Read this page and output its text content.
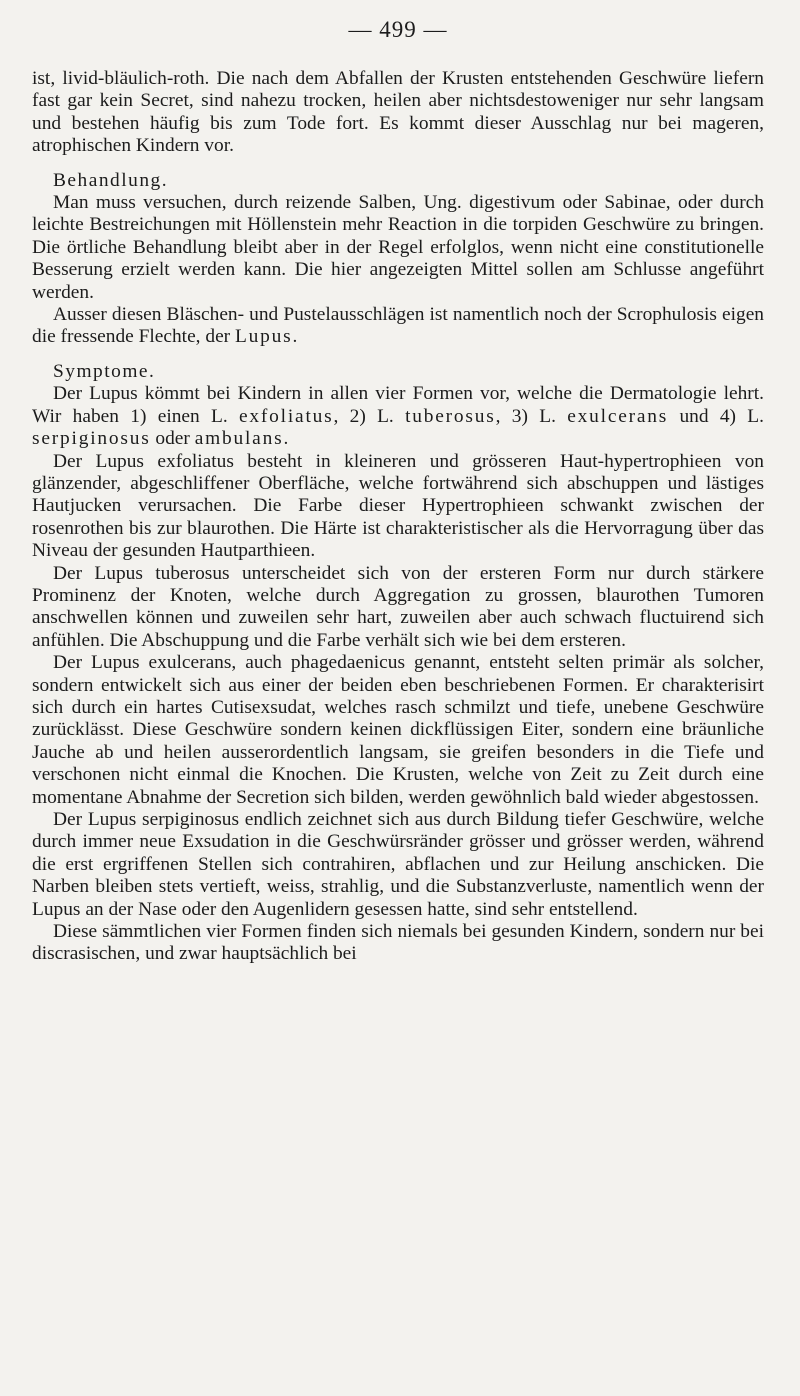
— 499 —

ist, livid-bläulich-roth. Die nach dem Abfallen der Krusten entstehenden Geschwüre liefern fast gar kein Secret, sind nahezu trocken, heilen aber nichtsdestoweniger nur sehr langsam und bestehen häufig bis zum Tode fort. Es kommt dieser Ausschlag nur bei mageren, atrophischen Kindern vor.

Behandlung.

Man muss versuchen, durch reizende Salben, Ung. digestivum oder Sabinae, oder durch leichte Bestreichungen mit Höllenstein mehr Reaction in die torpiden Geschwüre zu bringen. Die örtliche Behandlung bleibt aber in der Regel erfolglos, wenn nicht eine constitutionelle Besserung erzielt werden kann. Die hier angezeigten Mittel sollen am Schlusse angeführt werden.

Ausser diesen Bläschen- und Pustelausschlägen ist namentlich noch der Scrophulosis eigen die fressende Flechte, der Lupus.

Symptome.

Der Lupus kömmt bei Kindern in allen vier Formen vor, welche die Dermatologie lehrt. Wir haben 1) einen L. exfoliatus, 2) L. tuberosus, 3) L. exulcerans und 4) L. serpiginosus oder ambulans.

Der Lupus exfoliatus besteht in kleineren und grösseren Haut-hypertrophieen von glänzender, abgeschliffener Oberfläche, welche fortwährend sich abschuppen und lästiges Hautjucken verursachen. Die Farbe dieser Hypertrophieen schwankt zwischen der rosenrothen bis zur blaurothen. Die Härte ist charakteristischer als die Hervorragung über das Niveau der gesunden Hautparthieen.

Der Lupus tuberosus unterscheidet sich von der ersteren Form nur durch stärkere Prominenz der Knoten, welche durch Aggregation zu grossen, blaurothen Tumoren anschwellen können und zuweilen sehr hart, zuweilen aber auch schwach fluctuirend sich anfühlen. Die Abschuppung und die Farbe verhält sich wie bei dem ersteren.

Der Lupus exulcerans, auch phagedaenicus genannt, entsteht selten primär als solcher, sondern entwickelt sich aus einer der beiden eben beschriebenen Formen. Er charakterisirt sich durch ein hartes Cutisexsudat, welches rasch schmilzt und tiefe, unebene Geschwüre zurücklässt. Diese Geschwüre sondern keinen dickflüssigen Eiter, sondern eine bräunliche Jauche ab und heilen ausserordentlich langsam, sie greifen besonders in die Tiefe und verschonen nicht einmal die Knochen. Die Krusten, welche von Zeit zu Zeit durch eine momentane Abnahme der Secretion sich bilden, werden gewöhnlich bald wieder abgestossen.

Der Lupus serpiginosus endlich zeichnet sich aus durch Bildung tiefer Geschwüre, welche durch immer neue Exsudation in die Geschwürsränder grösser und grösser werden, während die erst ergriffenen Stellen sich contrahiren, abflachen und zur Heilung anschicken. Die Narben bleiben stets vertieft, weiss, strahlig, und die Substanzverluste, namentlich wenn der Lupus an der Nase oder den Augenlidern gesessen hatte, sind sehr entstellend.

Diese sämmtlichen vier Formen finden sich niemals bei gesunden Kindern, sondern nur bei discrasischen, und zwar hauptsächlich bei
